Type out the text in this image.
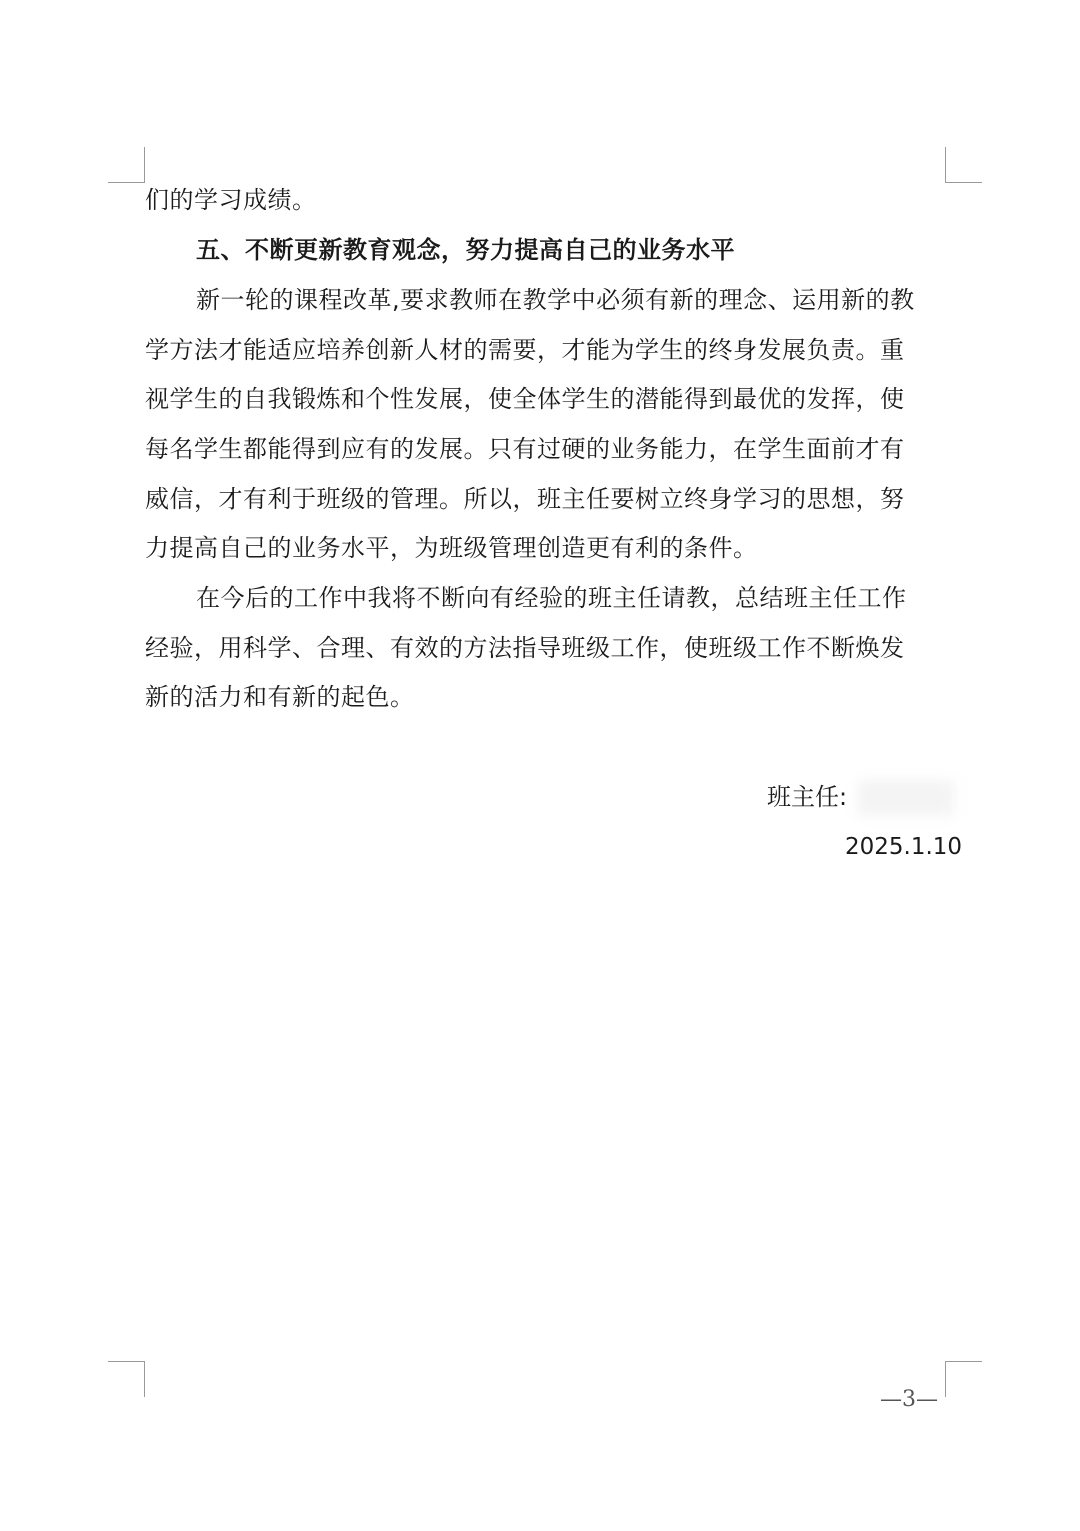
们的学习成绩。
五、不断更新教育观念，努力提高自己的业务水平
新一轮的课程改革,要求教师在教学中必须有新的理念、运用新的教
学方法才能适应培养创新人材的需要，才能为学生的终身发展负责。重
视学生的自我锻炼和个性发展，使全体学生的潜能得到最优的发挥，使
每名学生都能得到应有的发展。只有过硬的业务能力，在学生面前才有
威信，才有利于班级的管理。所以，班主任要树立终身学习的思想，努
力提高自己的业务水平，为班级管理创造更有利的条件。
在今后的工作中我将不断向有经验的班主任请教，总结班主任工作
经验，用科学、合理、有效的方法指导班级工作，使班级工作不断焕发
新的活力和有新的起色。
班主任:
2025.1.10
—3—
